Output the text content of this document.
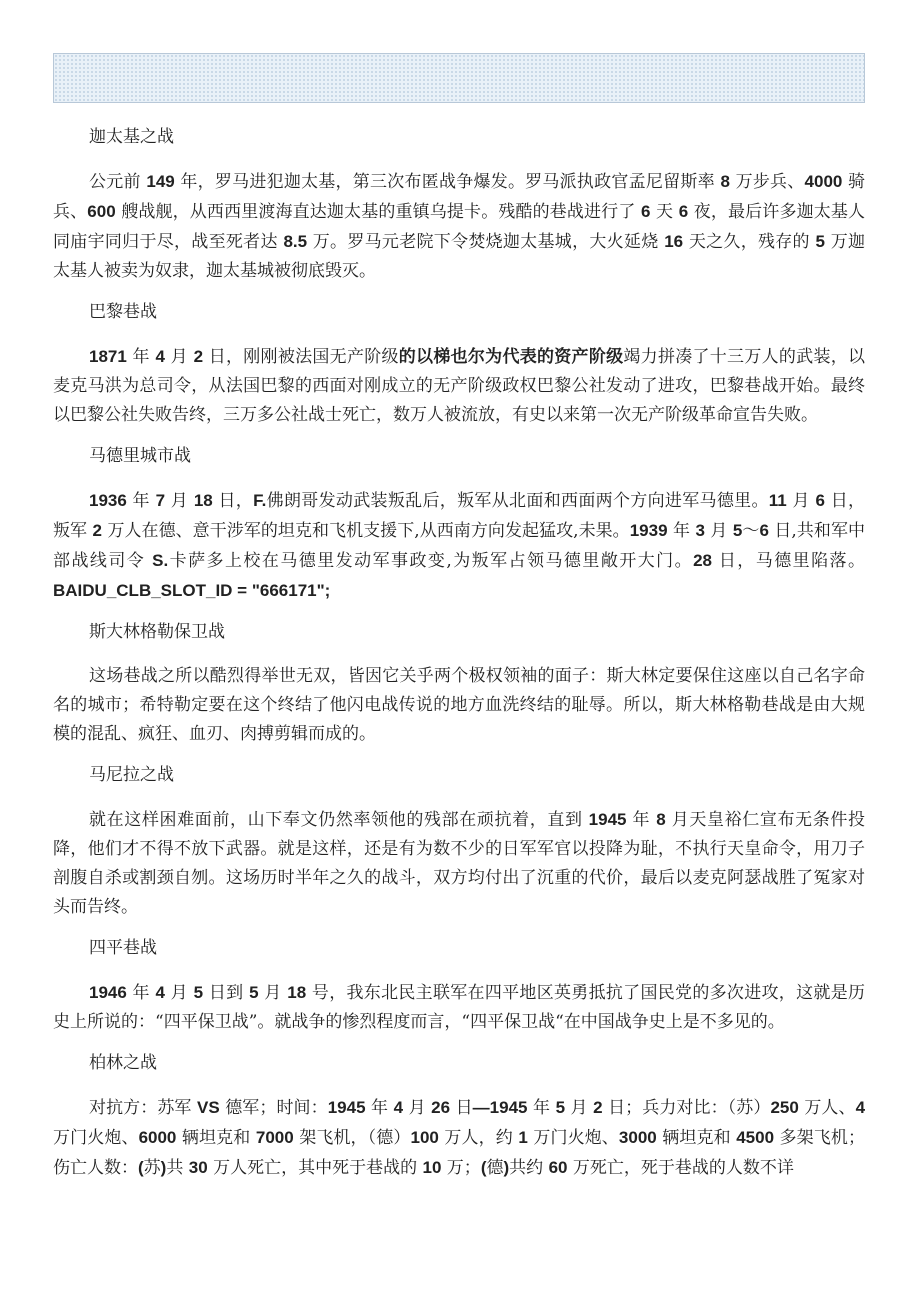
迦太基之战

公元前 149 年，罗马进犯迦太基，第三次布匿战争爆发。罗马派执政官孟尼留斯率 8 万步兵、4000 骑兵、600 艘战舰，从西西里渡海直达迦太基的重镇乌提卡。残酷的巷战进行了 6 天 6 夜，最后许多迦太基人同庙宇同归于尽，战至死者达 8.5 万。罗马元老院下令焚烧迦太基城，大火延烧 16 天之久，残存的 5 万迦太基人被卖为奴隶，迦太基城被彻底毁灭。

巴黎巷战

1871 年 4 月 2 日，刚刚被法国无产阶级的以梯也尔为代表的资产阶级竭力拼凑了十三万人的武装，以麦克马洪为总司令，从法国巴黎的西面对刚成立的无产阶级政权巴黎公社发动了进攻，巴黎巷战开始。最终以巴黎公社失败告终，三万多公社战士死亡，数万人被流放，有史以来第一次无产阶级革命宣告失败。

马德里城市战

1936 年 7 月 18 日，F.佛朗哥发动武装叛乱后，叛军从北面和西面两个方向进军马德里。11 月 6 日，叛军 2 万人在德、意干涉军的坦克和飞机支援下,从西南方向发起猛攻,未果。1939 年 3 月 5～6 日,共和军中部战线司令 S.卡萨多上校在马德里发动军事政变,为叛军占领马德里敞开大门。28 日，马德里陷落。 BAIDU_CLB_SLOT_ID = "666171";

斯大林格勒保卫战

这场巷战之所以酷烈得举世无双，皆因它关乎两个极权领袖的面子：斯大林定要保住这座以自己名字命名的城市；希特勒定要在这个终结了他闪电战传说的地方血洗终结的耻辱。所以，斯大林格勒巷战是由大规模的混乱、疯狂、血刃、肉搏剪辑而成的。

马尼拉之战

就在这样困难面前，山下奉文仍然率领他的残部在顽抗着，直到 1945 年 8 月天皇裕仁宣布无条件投降，他们才不得不放下武器。就是这样，还是有为数不少的日军军官以投降为耻，不执行天皇命令，用刀子剖腹自杀或割颈自刎。这场历时半年之久的战斗，双方均付出了沉重的代价，最后以麦克阿瑟战胜了冤家对头而告终。

四平巷战

1946 年 4 月 5 日到 5 月 18 号，我东北民主联军在四平地区英勇抵抗了国民党的多次进攻，这就是历史上所说的：“四平保卫战”。就战争的惨烈程度而言，“四平保卫战“在中国战争史上是不多见的。

柏林之战

对抗方：苏军 VS 德军；时间：1945 年 4 月 26 日—1945 年 5 月 2 日；兵力对比：（苏）250 万人、4 万门火炮、6000 辆坦克和 7000 架飞机，（德）100 万人，约 1 万门火炮、3000 辆坦克和 4500 多架飞机；伤亡人数：(苏)共 30 万人死亡，其中死于巷战的 10 万；(德)共约 60 万死亡，死于巷战的人数不详
